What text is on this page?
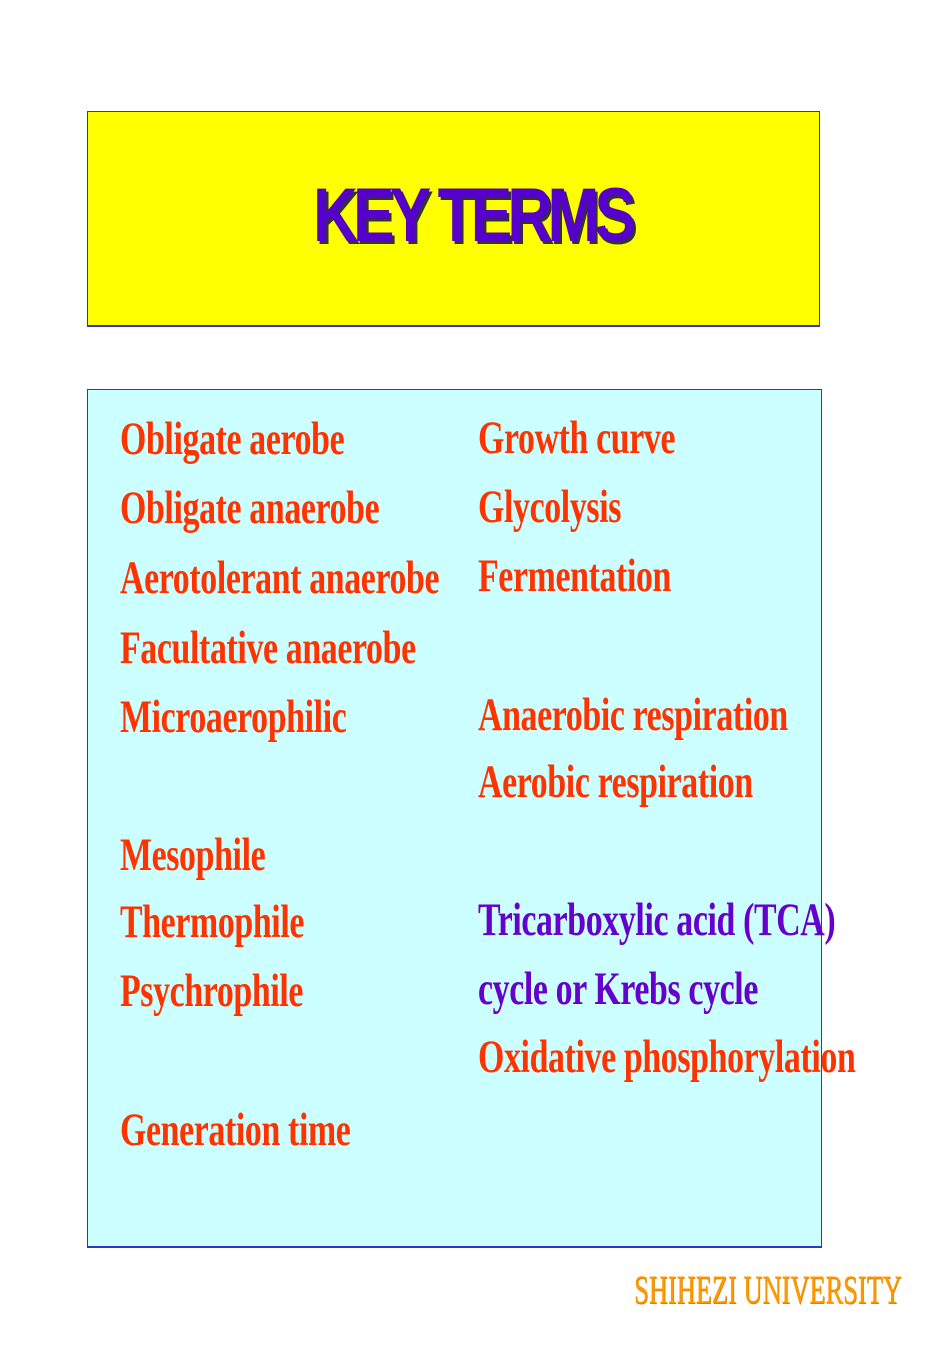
KEY TERMS
Obligate aerobe
Obligate anaerobe
Aerotolerant anaerobe
Facultative anaerobe
Microaerophilic
Mesophile
Thermophile
Psychrophile
Generation time
Growth curve
Glycolysis
Fermentation
Anaerobic respiration
Aerobic respiration
Tricarboxylic acid (TCA)
cycle or Krebs cycle
Oxidative phosphorylation
SHIHEZI UNIVERSITY
